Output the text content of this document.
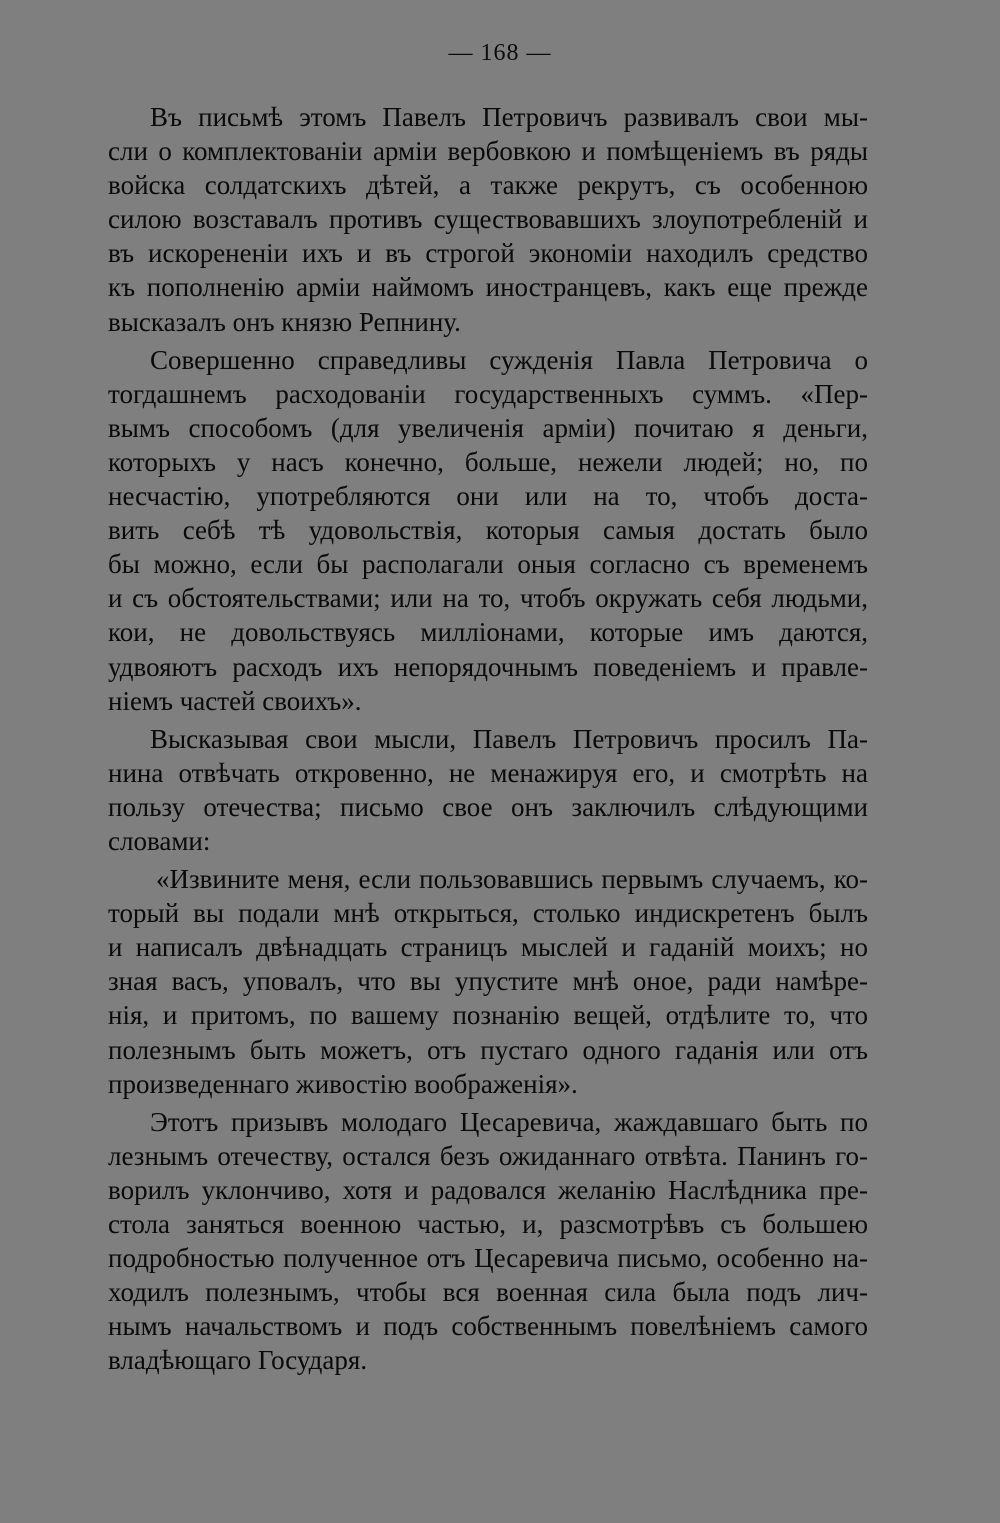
— 168 —
Въ письмѣ этомъ Павелъ Петровичъ развивалъ свои мы-
сли о комплектованіи арміи вербовкою и помѣщеніемъ въ ряды
войска солдатскихъ дѣтей, а также рекрутъ, съ особенною
силою возставалъ противъ существовавшихъ злоупотребленій и
въ искорененіи ихъ и въ строгой экономіи находилъ средство
къ пополненію арміи наймомъ иностранцевъ, какъ еще прежде
высказалъ онъ князю Репнину.
Совершенно справедливы сужденія Павла Петровича о
тогдашнемъ расходованіи государственныхъ суммъ. «Пер-
вымъ способомъ (для увеличенія арміи) почитаю я деньги,
которыхъ у насъ конечно, больше, нежели людей; но, по
несчастію, употребляются они или на то, чтобъ доста-
вить себѣ тѣ удовольствія, которыя самыя достать было
бы можно, если бы располагали оныя согласно съ временемъ
и съ обстоятельствами; или на то, чтобъ окружать себя людьми,
кои, не довольствуясь милліонами, которые имъ даются,
удвояютъ расходъ ихъ непорядочнымъ поведеніемъ и правле-
ніемъ частей своихъ».
Высказывая свои мысли, Павелъ Петровичъ просилъ Па-
нина отвѣчать откровенно, не менажируя его, и смотрѣть на
пользу отечества; письмо свое онъ заключилъ слѣдующими
словами:
«Извините меня, если пользовавшись первымъ случаемъ, ко-
торый вы подали мнѣ открыться, столько индискретенъ былъ
и написалъ двѣнадцать страницъ мыслей и гаданій моихъ; но
зная васъ, уповалъ, что вы упустите мнѣ оное, ради намѣре-
нія, и притомъ, по вашему познанію вещей, отдѣлите то, что
полезнымъ быть можетъ, отъ пустаго одного гаданія или отъ
произведеннаго живостію воображенія».
Этотъ призывъ молодаго Цесаревича, жаждавшаго быть по
лезнымъ отечеству, остался безъ ожиданнаго отвѣта. Панинъ го-
ворилъ уклончиво, хотя и радовался желанію Наслѣдника пре-
стола заняться военною частью, и, разсмотрѣвъ съ большею
подробностью полученное отъ Цесаревича письмо, особенно на-
ходилъ полезнымъ, чтобы вся военная сила была подъ лич-
нымъ начальствомъ и подъ собственнымъ повелѣніемъ самого
владѣющаго Государя.
